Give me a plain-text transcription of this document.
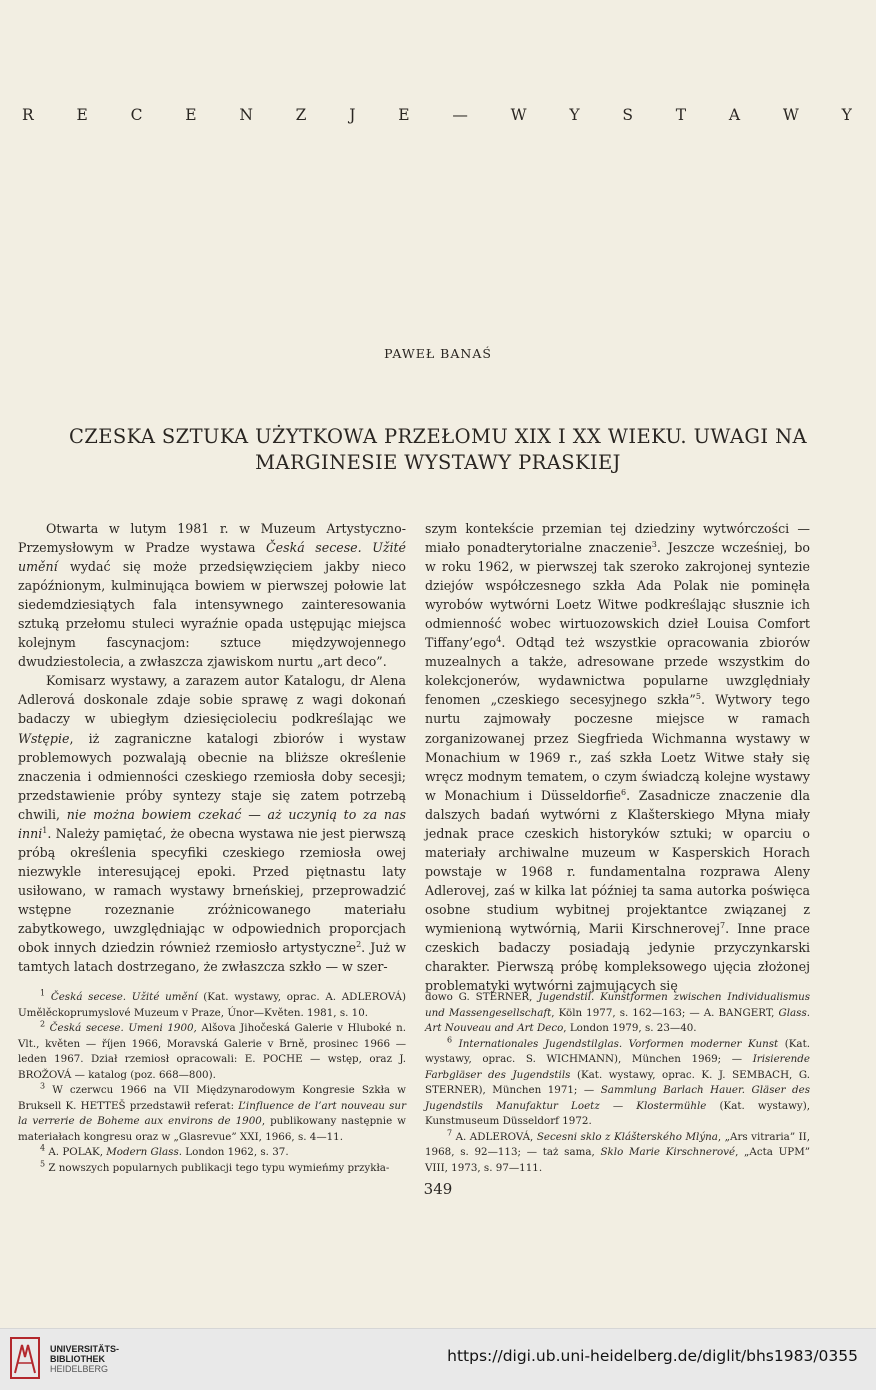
R	E	C	E	N	Z	J	E	—	W	Y	S	T	A	W	Y
PAWEŁ BANAŚ
CZESKA SZTUKA UŻYTKOWA PRZEŁOMU XIX I XX WIEKU. UWAGI NA MARGINESIE WYSTAWY PRASKIEJ

Otwarta w lutym 1981 r. w Muzeum Artystyczno-Przemysłowym w Pradze wystawa Česká secese. Užité umění wydać się może przedsięwzięciem jakby nieco zapóźnionym, kulminująca bowiem w pierwszej połowie lat siedemdziesiątych fala intensywnego zainteresowania sztuką przełomu stuleci wyraźnie opada ustępując miejsca kolejnym fascynacjom: sztuce międzywojennego dwudziestolecia, a zwłaszcza zjawiskom nurtu „art deco”.

Komisarz wystawy, a zarazem autor Katalogu, dr Alena Adlerová doskonale zdaje sobie sprawę z wagi dokonań badaczy w ubiegłym dziesięcioleciu podkreślając we Wstępie, iż zagraniczne katalogi zbiorów i wystaw problemowych pozwalają obecnie na bliższe określenie znaczenia i odmienności czeskiego rzemiosła doby secesji; przedstawienie próby syntezy staje się zatem potrzebą chwili, nie można bowiem czekać — aż uczynią to za nas inni$^1$. Należy pamiętać, że obecna wystawa nie jest pierwszą próbą określenia specyfiki czeskiego rzemiosła owej niezwykle interesującej epoki. Przed piętnastu laty usiłowano, w ramach wystawy brneńskiej, przeprowadzić wstępne rozeznanie zróżnicowanego materiału zabytkowego, uwzględniając w odpowiednich proporcjach obok innych dziedzin również rzemiosło artystyczne$^2$. Już w tamtych latach dostrzegano, że zwłaszcza szkło — w szer-

szym kontekście przemian tej dziedziny wytwórczości — miało ponadterytorialne znaczenie$^3$. Jeszcze wcześniej, bo w roku 1962, w pierwszej tak szeroko zakrojonej syntezie dziejów współczesnego szkła Ada Polak nie pominęła wyrobów wytwórni Loetz Witwe podkreślając słusznie ich odmienność wobec wirtuozowskich dzieł Louisa Comfort Tiffany’ego$^4$. Odtąd też wszystkie opracowania zbiorów muzealnych a także, adresowane przede wszystkim do kolekcjonerów, wydawnictwa popularne uwzględniały fenomen „czeskiego secesyjnego szkła”$^5$. Wytwory tego nurtu zajmowały poczesne miejsce w ramach zorganizowanej przez Siegfrieda Wichmanna wystawy w Monachium w 1969 r., zaś szkła Loetz Witwe stały się wręcz modnym tematem, o czym świadczą kolejne wystawy w Monachium i Düsseldorfie$^6$. Zasadnicze znaczenie dla dalszych badań wytwórni z Klašterskiego Młyna miały jednak prace czeskich historyków sztuki; w oparciu o materiały archiwalne muzeum w Kasperskich Horach powstaje w 1968 r. fundamentalna rozprawa Aleny Adlerovej, zaś w kilka lat później ta sama autorka poświęca osobne studium wybitnej projektantce związanej z wymienioną wytwórnią, Marii Kirschnerovej$^7$. Inne prace czeskich badaczy posiadają jedynie przyczynkarski charakter. Pierwszą próbę kompleksowego ujęcia złożonej problematyki wytwórni zajmujących się

$^1$ Česká secese. Užité umění (Kat. wystawy, oprac. A. ADLEROVÁ) Umělěckoprumyslové Muzeum v Praze, Únor—Květen. 1981, s. 10.

$^2$ Česká secese. Umeni 1900, Alšova Jihočeská Galerie v Hluboké n. Vlt., květen — říjen 1966, Moravská Galerie v Brně, prosinec 1966 — leden 1967. Dział rzemiosł opracowali: E. POCHE — wstęp, oraz J. BROŽOVÁ — katalog (poz. 668—800).

$^3$ W czerwcu 1966 na VII Międzynarodowym Kongresie Szkła w Bruksell K. HETTEŠ przedstawił referat: L’influence de l’art nouveau sur la verrerie de Boheme aux environs de 1900, publikowany następnie w materiałach kongresu oraz w „Glasrevue” XXI, 1966, s. 4—11.

$^4$ A. POLAK, Modern Glass. London 1962, s. 37.

$^5$ Z nowszych popularnych publikacji tego typu wymieńmy przykła-

dowo G. STERNER, Jugendstil. Kunstformen zwischen Individualismus und Massengesellschaft, Köln 1977, s. 162—163; — A. BANGERT, Glass. Art Nouveau and Art Deco, London 1979, s. 23—40.

$^6$ Internationales Jugendstilglas. Vorformen moderner Kunst (Kat. wystawy, oprac. S. WICHMANN), München 1969; — Irisierende Farbgläser des Jugendstils (Kat. wystawy, oprac. K. J. SEMBACH, G. STERNER), München 1971; — Sammlung Barlach Hauer. Gläser des Jugendstils Manufaktur Loetz — Klostermühle (Kat. wystawy), Kunstmuseum Düsseldorf 1972.

$^7$ A. ADLEROVÁ, Secesni sklo z Klášterského Mlýna, „Ars vitraria” II, 1968, s. 92—113; — taż sama, Sklo Marie Kirschnerové, „Acta UPM” VIII, 1973, s. 97—111.

349
UNIVERSITÄTS-
BIBLIOTHEK
HEIDELBERG
https://digi.ub.uni-heidelberg.de/diglit/bhs1983/0355
